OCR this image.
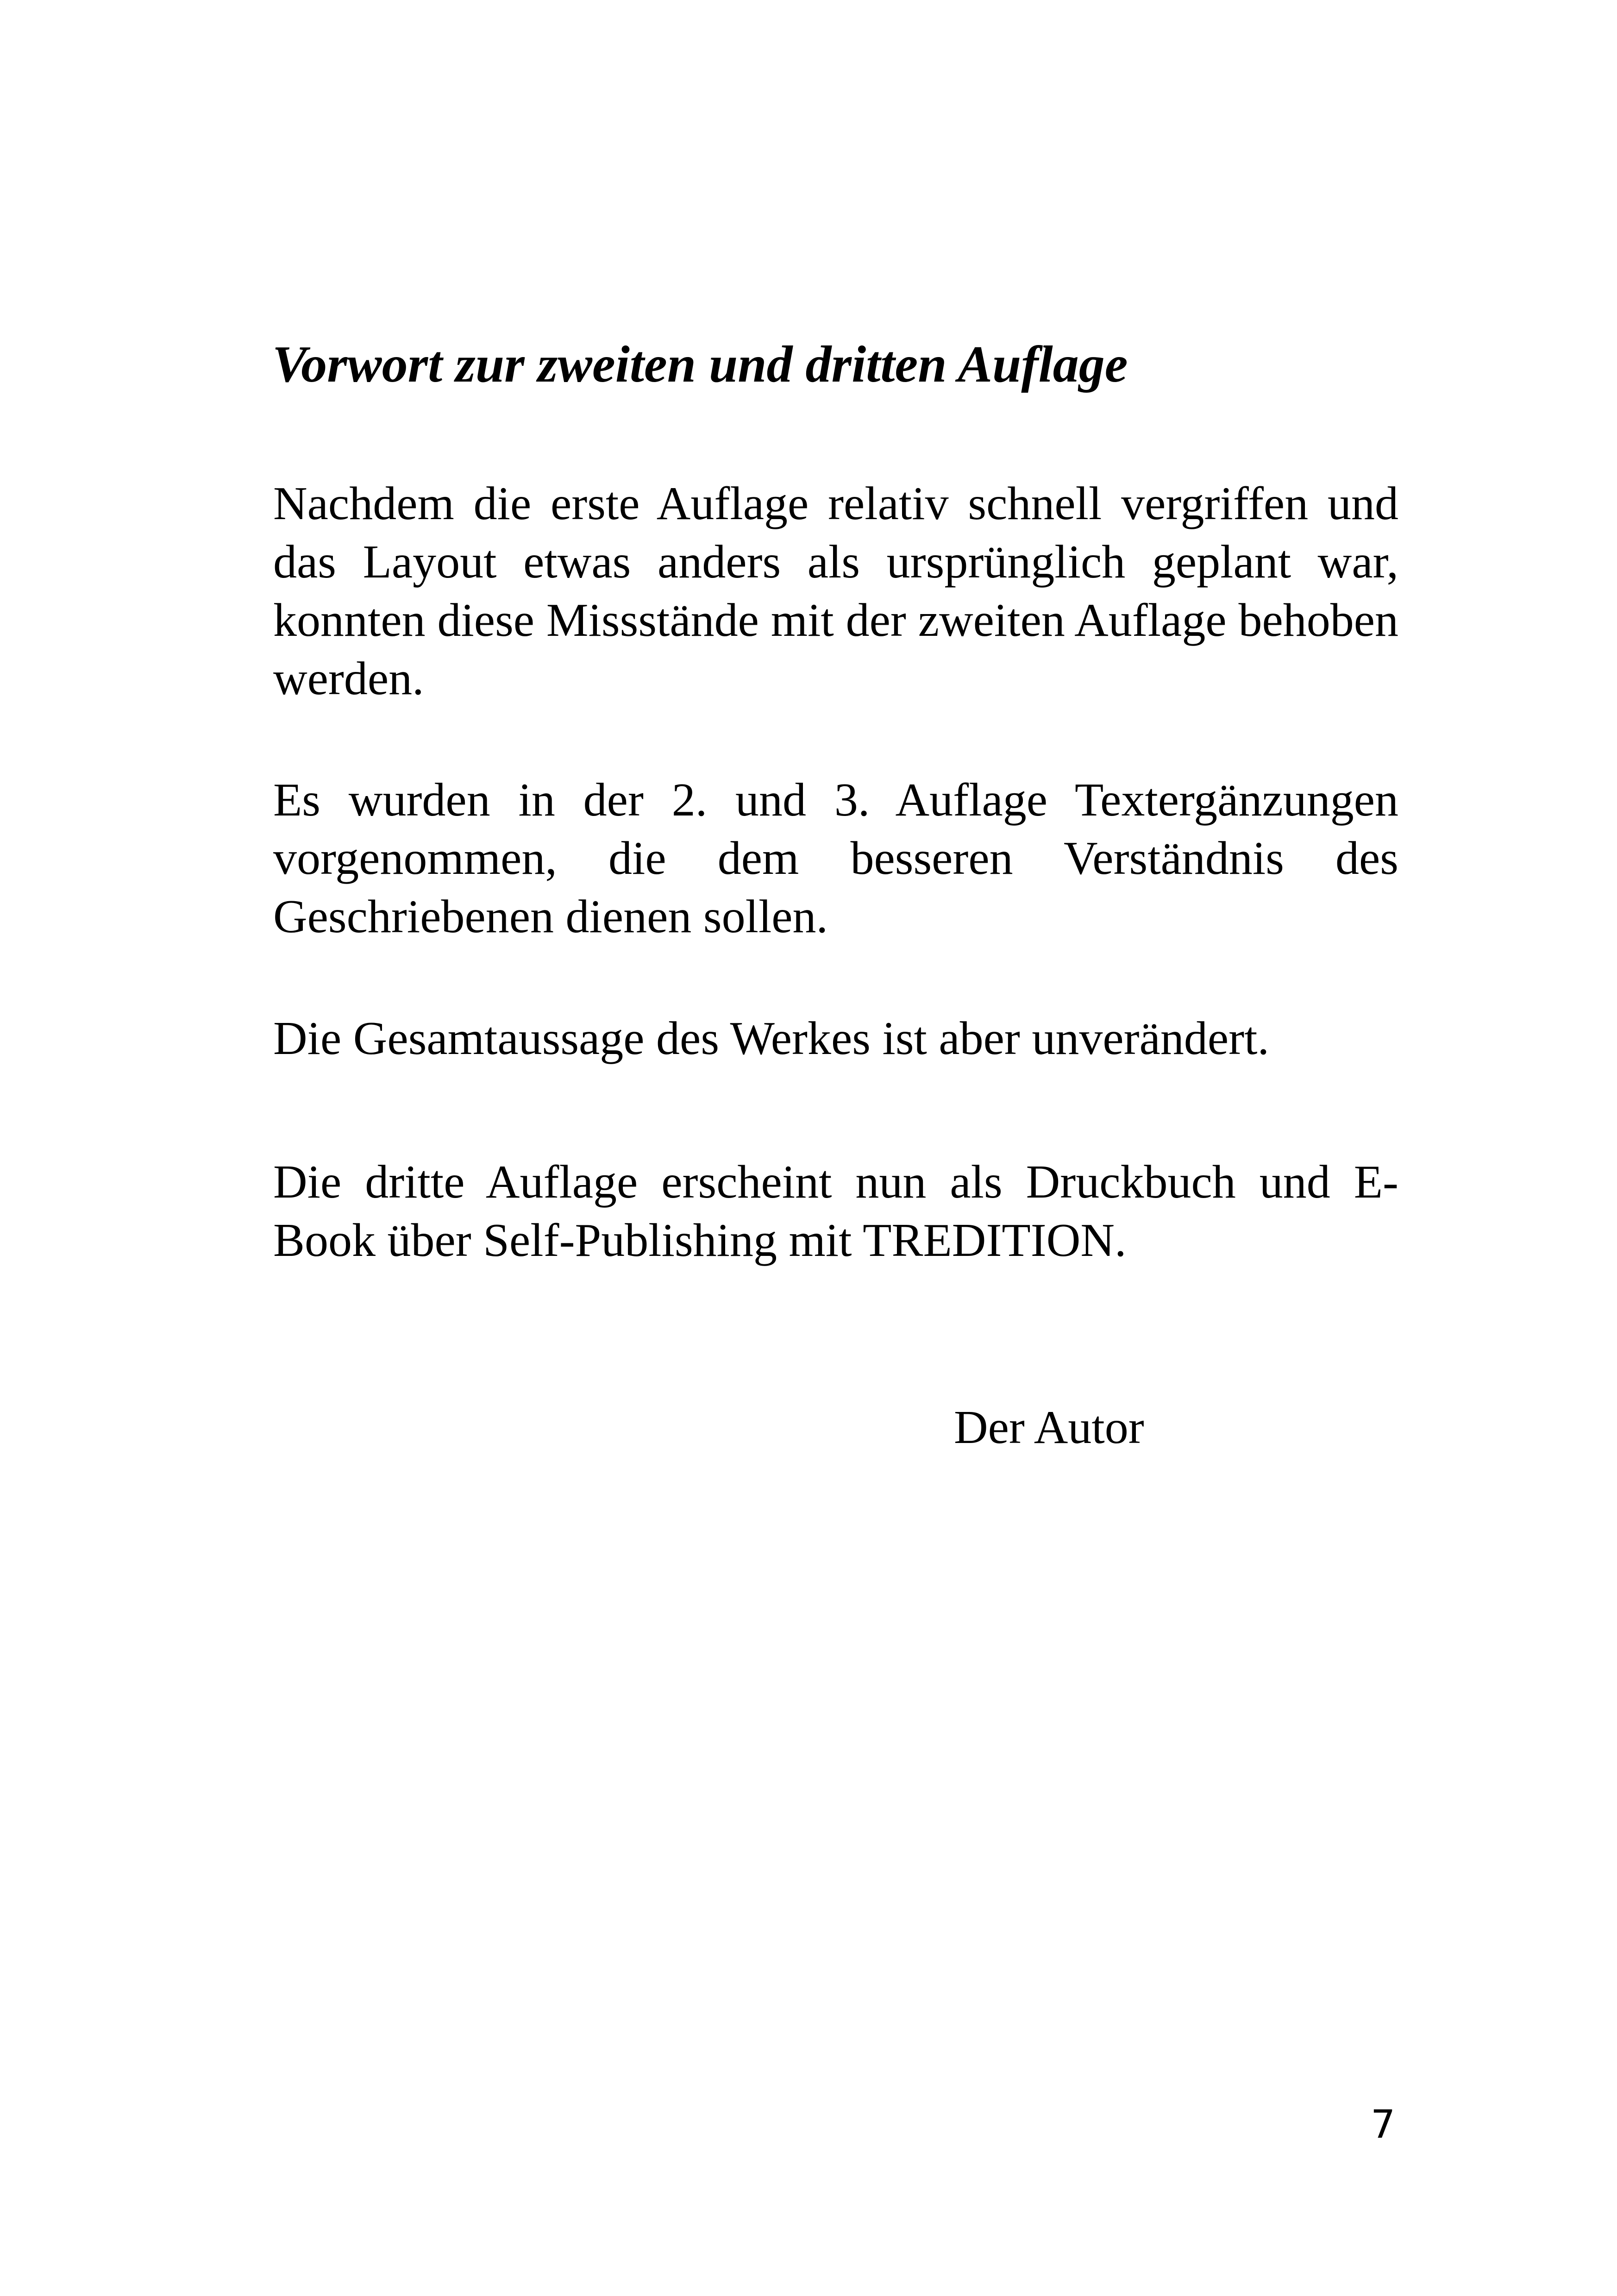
Vorwort zur zweiten und dritten Auflage

Nachdem die erste Auflage relativ schnell vergriffen und das Layout etwas anders als ursprünglich geplant war, konnten diese Missstände mit der zweiten Auflage behoben werden.

Es wurden in der 2. und 3. Auflage Textergänzungen vorgenommen, die dem besseren Verständnis des Geschriebenen dienen sollen.

Die Gesamtaussage des Werkes ist aber unverändert.

Die dritte Auflage erscheint nun als Druckbuch und E-Book über Self-Publishing mit TREDITION.

Der Autor

7
